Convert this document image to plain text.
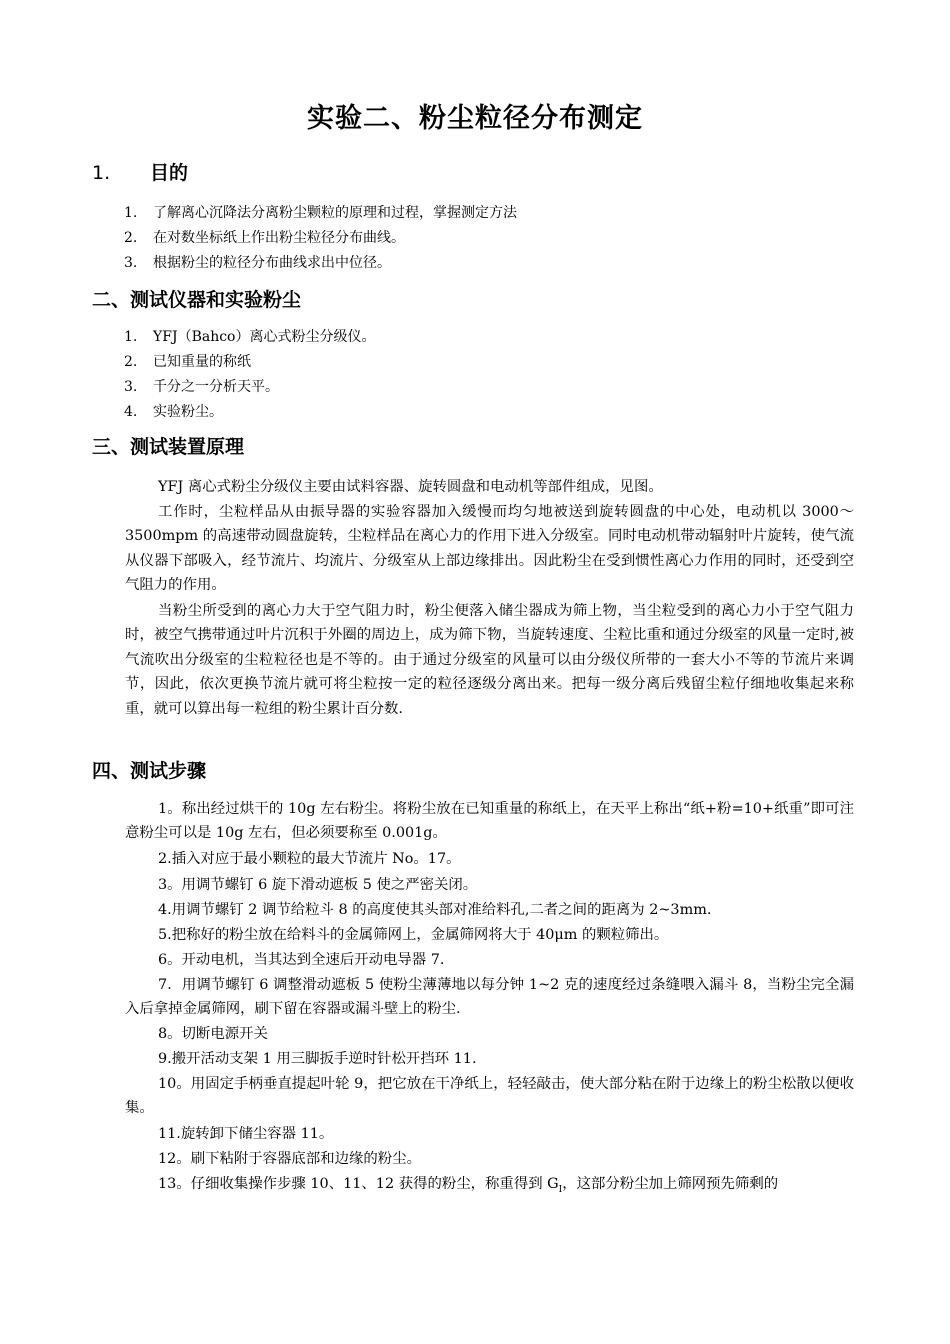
实验二、粉尘粒径分布测定
1. 目的
1. 了解离心沉降法分离粉尘颗粒的原理和过程，掌握测定方法
2. 在对数坐标纸上作出粉尘粒径分布曲线。
3. 根据粉尘的粒径分布曲线求出中位径。
二、测试仪器和实验粉尘
1. YFJ（Bahco）离心式粉尘分级仪。
2. 已知重量的称纸
3. 千分之一分析天平。
4. 实验粉尘。
三、测试装置原理
YFJ 离心式粉尘分级仪主要由试料容器、旋转圆盘和电动机等部件组成，见图。
工作时，尘粒样品从由振导器的实验容器加入缓慢而均匀地被送到旋转圆盘的中心处，电动机以 3000～3500mpm 的高速带动圆盘旋转，尘粒样品在离心力的作用下进入分级室。同时电动机带动辐射叶片旋转，使气流从仪器下部吸入，经节流片、均流片、分级室从上部边缘排出。因此粉尘在受到惯性离心力作用的同时，还受到空气阻力的作用。
当粉尘所受到的离心力大于空气阻力时，粉尘便落入储尘器成为筛上物，当尘粒受到的离心力小于空气阻力时，被空气携带通过叶片沉积于外圈的周边上，成为筛下物，当旋转速度、尘粒比重和通过分级室的风量一定时,被气流吹出分级室的尘粒粒径也是不等的。由于通过分级室的风量可以由分级仪所带的一套大小不等的节流片来调节，因此，依次更换节流片就可将尘粒按一定的粒径逐级分离出来。把每一级分离后残留尘粒仔细地收集起来称重，就可以算出每一粒组的粉尘累计百分数.
四、测试步骤
1。称出经过烘干的 10g 左右粉尘。将粉尘放在已知重量的称纸上，在天平上称出“纸+粉=10+纸重”即可注意粉尘可以是 10g 左右，但必须要称至 0.001g。
2.插入对应于最小颗粒的最大节流片 No。17。
3。用调节螺钉 6 旋下滑动遮板 5 使之严密关闭。
4.用调节螺钉 2 调节给粒斗 8 的高度使其头部对准给料孔,二者之间的距离为 2~3mm.
5.把称好的粉尘放在给料斗的金属筛网上，金属筛网将大于 40μm 的颗粒筛出。
6。开动电机，当其达到全速后开动电导器 7.
7．用调节螺钉 6 调整滑动遮板 5 使粉尘薄薄地以每分钟 1~2 克的速度经过条缝喂入漏斗 8，当粉尘完全漏入后拿掉金属筛网，刷下留在容器或漏斗壁上的粉尘.
8。切断电源开关
9.搬开活动支架 1 用三脚扳手逆时针松开挡环 11.
10。用固定手柄垂直提起叶轮 9，把它放在干净纸上，轻轻敲击，使大部分粘在附于边缘上的粉尘松散以便收集。
11.旋转卸下储尘容器 11。
12。刷下粘附于容器底部和边缘的粉尘。
13。仔细收集操作步骤 10、11、12 获得的粉尘，称重得到 $G_I$，这部分粉尘加上筛网预先筛剩的
